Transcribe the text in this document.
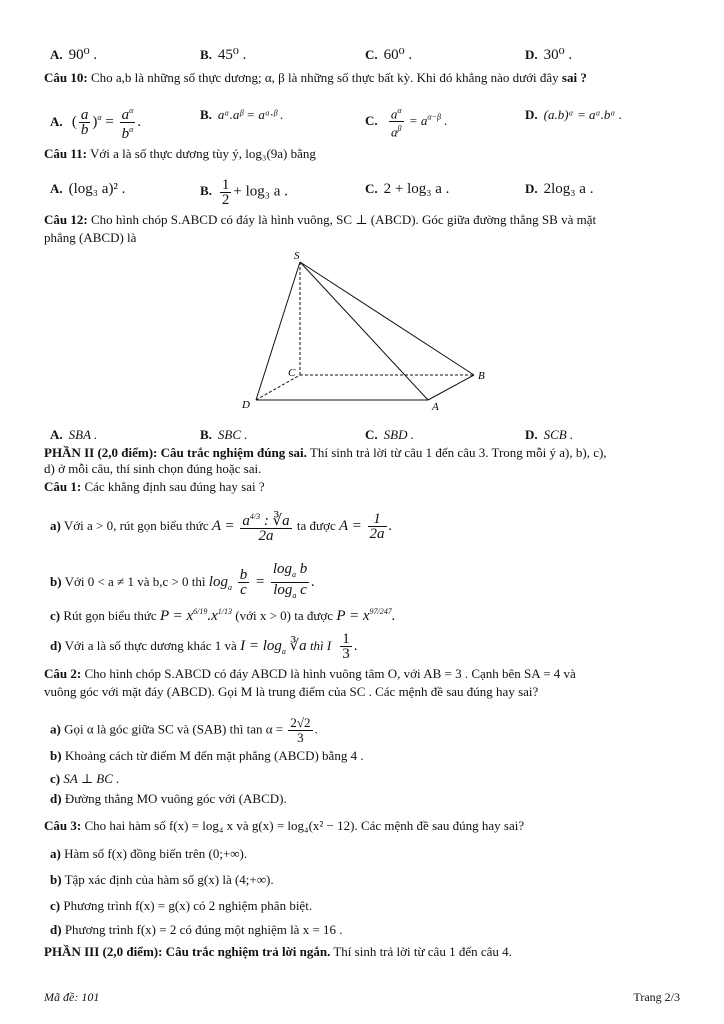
A. 90⁰ .	B. 45⁰ .	C. 60⁰ .	D. 30⁰ .
Câu 10: Cho a,b là những số thực dương; α, β là những số thực bất kỳ. Khi đó khẳng nào dưới đây sai ?
A. ( $\frac{a}{b} )^\alpha = \frac{a^\alpha}{b^\alpha}$ .	B. aᵅ.aᵝ = aᵅ·ᵝ .	C. $\frac{a^\alpha}{a^\beta} = a^{\alpha-\beta}$ .	D. (a.b)ᵅ = aᵅ.bᵅ .
Câu 11: Với a là số thực dương tùy ý, log₃(9a) bằng
A. (log₃ a)² .	B. $\frac{1}{2} + \log_3$ a .	C. 2 + log₃ a .	D. 2log₃ a .
Câu 12: Cho hình chóp S.ABCD có đáy là hình vuông, SC ⊥ (ABCD). Góc giữa đường thẳng SB và mặt
phẳng (ABCD) là
S
A
B
C
D
A. SBA .	B. SBC .	C. SBD .	D. SCB .
PHẦN II (2,0 điểm): Câu trắc nghiệm đúng sai. Thí sinh trả lời từ câu 1 đến câu 3. Trong mỗi ý a), b), c),
d) ở mỗi câu, thí sinh chọn đúng hoặc sai.
Câu 1: Các khẳng định sau đúng hay sai ?
a) Với a > 0, rút gọn biểu thức $A = \frac{a^{4/3} : ∛a}{2a}$ ta được $A = \frac{1}{2a}$ .
b) Với 0 < a ≠ 1 và b,c > 0 thì $\log_a \frac{b}{c} = \frac{\log_a b}{\log_a c}$ .
c) Rút gọn biểu thức $P = x^{6/19}.x^{1/13}$ (với x > 0) ta được $P = x^{97/247}$.
d) Với a là số thực dương khác 1 và $I = \log_a$ ∛a thì I $\frac{1}{3}$ .
Câu 2: Cho hình chóp S.ABCD có đáy ABCD là hình vuông tâm O, với AB = 3 . Cạnh bên SA = 4 và
vuông góc với mặt đáy (ABCD). Gọi M là trung điểm của SC . Các mệnh đề sau đúng hay sai?
a) Gọi α là góc giữa SC và (SAB) thì $\tan \alpha = \frac{2√2}{3}$ .
b) Khoảng cách từ điểm M đến mặt phẳng (ABCD) bằng 4 .
c) SA ⊥ BC .
d) Đường thẳng MO vuông góc với (ABCD).
Câu 3: Cho hai hàm số f(x) = log₄ x và g(x) = log₄(x² − 12). Các mệnh đề sau đúng hay sai?
a) Hàm số f(x) đồng biến trên (0;+∞).
b) Tập xác định của hàm số g(x) là (4;+∞).
c) Phương trình f(x) = g(x) có 2 nghiệm phân biệt.
d) Phương trình f(x) = 2 có đúng một nghiệm là x = 16 .
PHẦN III (2,0 điểm): Câu trắc nghiệm trả lời ngắn. Thí sinh trả lời từ câu 1 đến câu 4.
Mã đề: 101	Trang 2/3
